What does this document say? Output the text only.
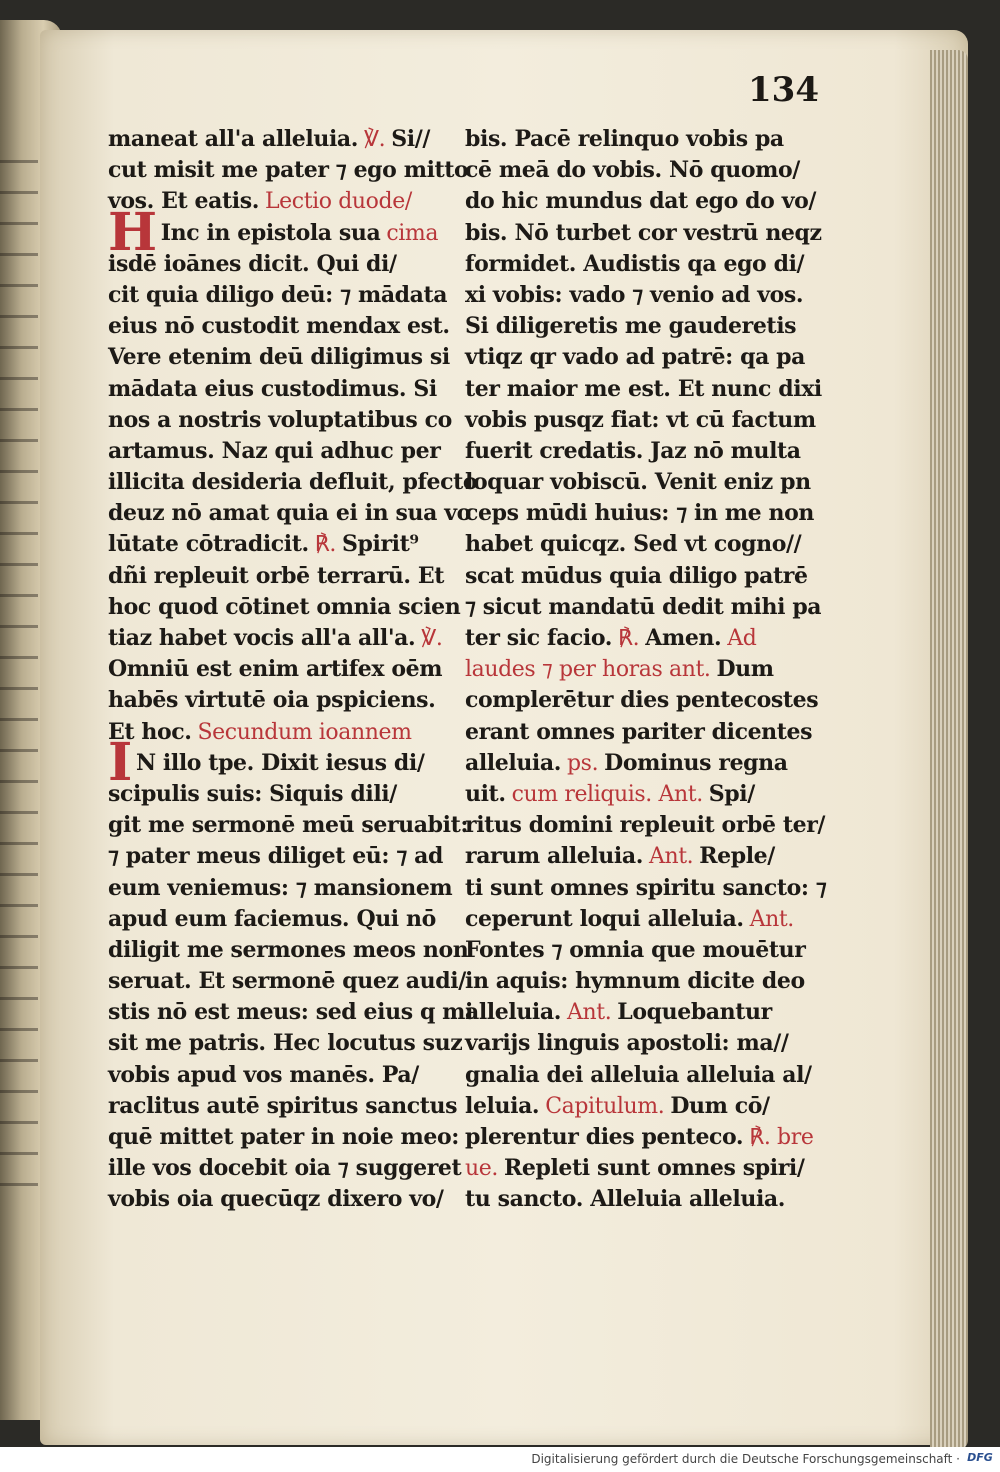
134
maneat all'a alleluia. ℣. Si//
cut misit me pater ⁊ ego mitto
vos. Et eatis. Lectio duode/
H Inc in epistola sua cima
isdē ioānes dicit. Qui di/
cit quia diligo deū: ⁊ mādata
eius nō custodit mendax est.
Vere etenim deū diligimus si
mādata eius custodimus. Si
nos a nostris voluptatibus co
artamus. Naz qui adhuc per
illicita desideria defluit, pfecto
deuz nō amat quia ei in sua vo
lūtate cōtradicit. ℟. Spirit⁹
dñi repleuit orbē terrarū. Et
hoc quod cōtinet omnia scien
tiaz habet vocis all'a all'a. ℣.
Omniū est enim artifex oēm
habēs virtutē oia pspiciens.
Et hoc. Secundum ioannem
I N illo tpe. Dixit iesus di/
scipulis suis: Siquis dili/
git me sermonē meū seruabit:
⁊ pater meus diliget eū: ⁊ ad
eum veniemus: ⁊ mansionem
apud eum faciemus. Qui nō
diligit me sermones meos non
seruat. Et sermonē quez audi/
stis nō est meus: sed eius q mi
sit me patris. Hec locutus suz
vobis apud vos manēs. Pa/
raclitus autē spiritus sanctus
quē mittet pater in noie meo:
ille vos docebit oia ⁊ suggeret
vobis oia quecūqz dixero vo/
bis. Pacē relinquo vobis pa
cē meā do vobis. Nō quomo/
do hic mundus dat ego do vo/
bis. Nō turbet cor vestrū neqz
formidet. Audistis qa ego di/
xi vobis: vado ⁊ venio ad vos.
Si diligeretis me gauderetis
vtiqz qr vado ad patrē: qa pa
ter maior me est. Et nunc dixi
vobis pusqz fiat: vt cū factum
fuerit credatis. Jaz nō multa
loquar vobiscū. Venit eniz pn
ceps mūdi huius: ⁊ in me non
habet quicqz. Sed vt cogno//
scat mūdus quia diligo patrē
⁊ sicut mandatū dedit mihi pa
ter sic facio. ℟. Amen. Ad
laudes ⁊ per horas ant. Dum
complerētur dies pentecostes
erant omnes pariter dicentes
alleluia. ps. Dominus regna
uit. cum reliquis. Ant. Spi/
ritus domini repleuit orbē ter/
rarum alleluia. Ant. Reple/
ti sunt omnes spiritu sancto: ⁊
ceperunt loqui alleluia. Ant.
Fontes ⁊ omnia que mouētur
in aquis: hymnum dicite deo
alleluia. Ant. Loquebantur
varijs linguis apostoli: ma//
gnalia dei alleluia alleluia al/
leluia. Capitulum. Dum cō/
plerentur dies penteco. ℟. bre
ue. Repleti sunt omnes spiri/
tu sancto. Alleluia alleluia.
Digitalisierung gefördert durch die Deutsche Forschungsgemeinschaft · DFG
